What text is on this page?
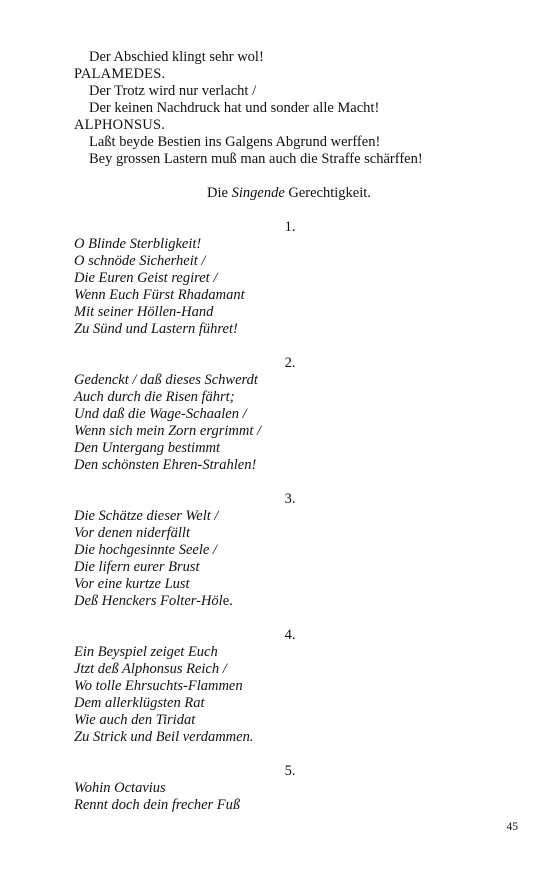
Der Abschied klingt sehr wol!
PALAMEDES.
Der Trotz wird nur verlacht /
Der keinen Nachdruck hat und sonder alle Macht!
ALPHONSUS.
Laßt beyde Bestien ins Galgens Abgrund werffen!
Bey grossen Lastern muß man auch die Straffe schärffen!
Die Singende Gerechtigkeit.
1.
O Blinde Sterbligkeit!
O schnöde Sicherheit /
Die Euren Geist regiret /
Wenn Euch Fürst Rhadamant
Mit seiner Höllen-Hand
Zu Sünd und Lastern führet!
2.
Gedenckt / daß dieses Schwerdt
Auch durch die Risen fährt;
Und daß die Wage-Schaalen /
Wenn sich mein Zorn ergrimmt /
Den Untergang bestimmt
Den schönsten Ehren-Strahlen!
3.
Die Schätze dieser Welt /
Vor denen niderfällt
Die hochgesinnte Seele /
Die lifern eurer Brust
Vor eine kurtze Lust
Deß Henckers Folter-Höle.
4.
Ein Beyspiel zeiget Euch
Jtzt deß Alphonsus Reich /
Wo tolle Ehrsuchts-Flammen
Dem allerklügsten Rat
Wie auch den Tiridat
Zu Strick und Beil verdammen.
5.
Wohin Octavius
Rennt doch dein frecher Fuß
45
